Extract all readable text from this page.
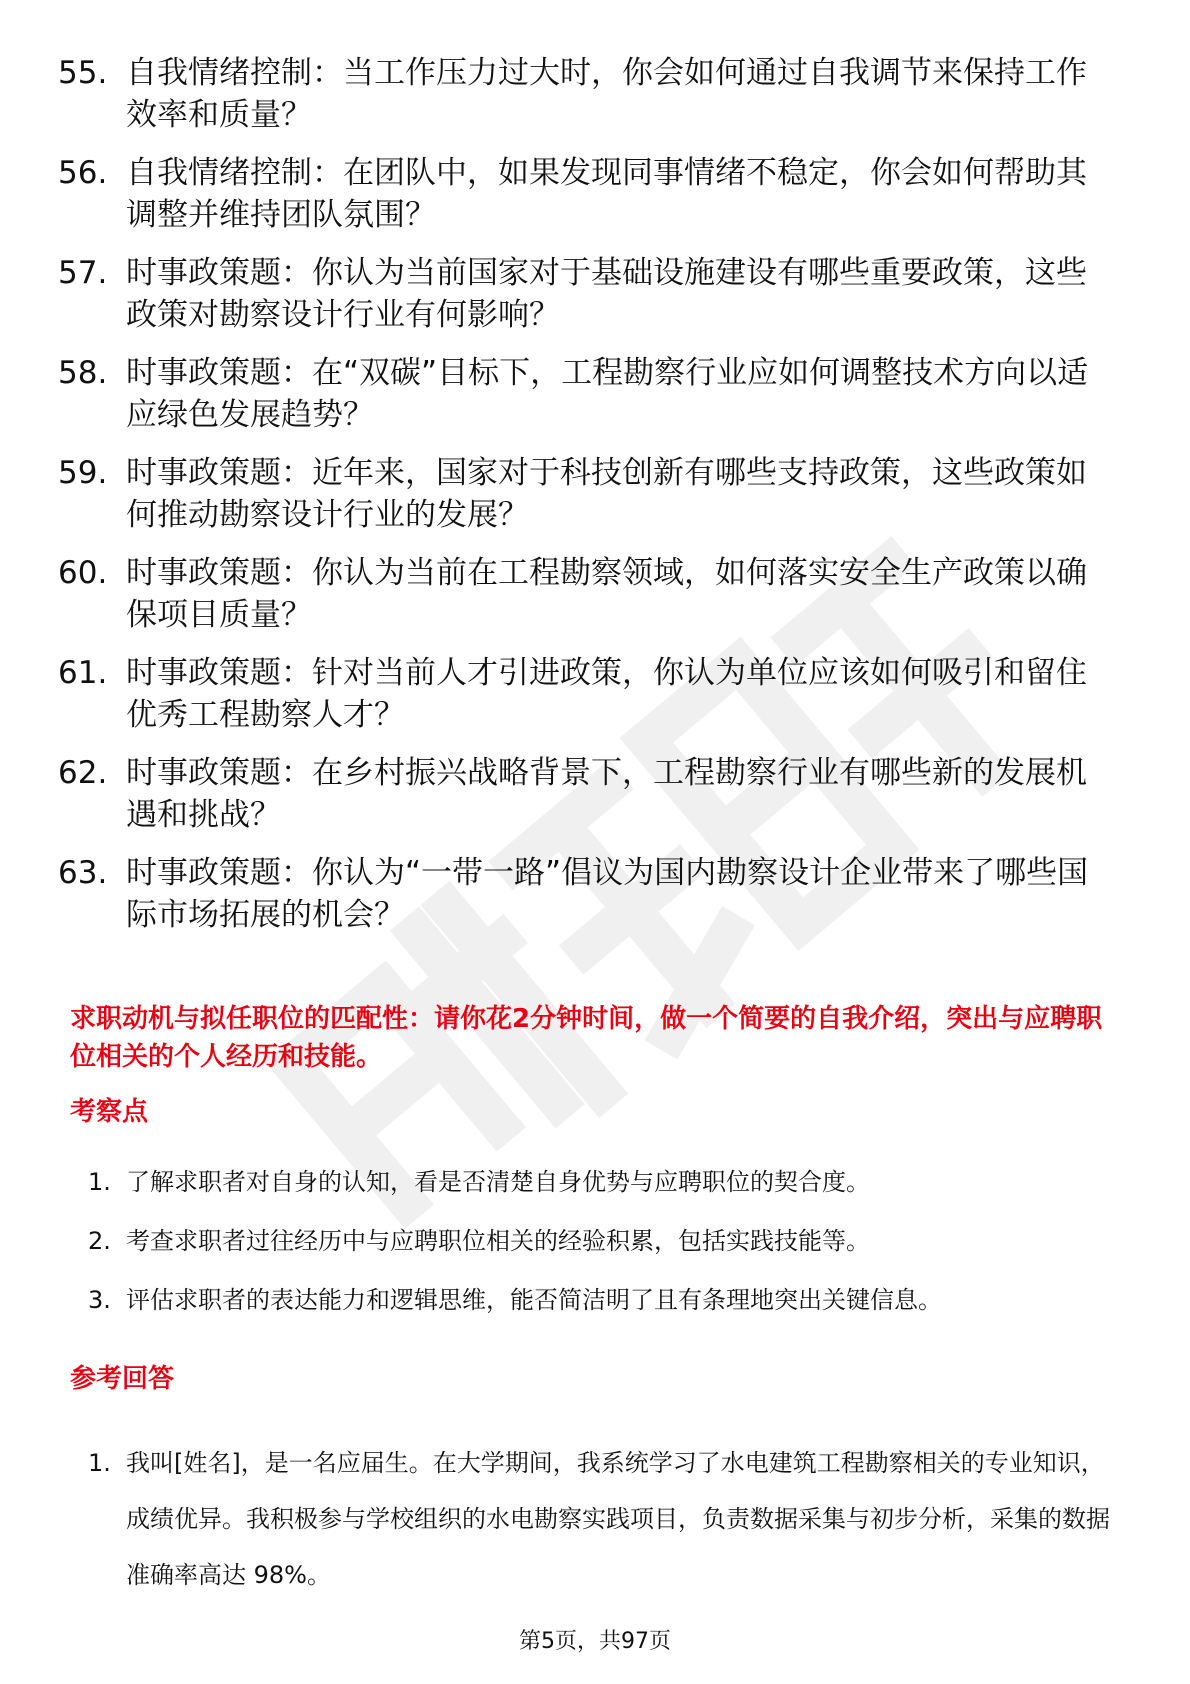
55. 自我情绪控制：当工作压力过大时，你会如何通过自我调节来保持工作效率和质量？
56. 自我情绪控制：在团队中，如果发现同事情绪不稳定，你会如何帮助其调整并维持团队氛围？
57. 时事政策题：你认为当前国家对于基础设施建设有哪些重要政策，这些政策对勘察设计行业有何影响？
58. 时事政策题：在“双碳”目标下，工程勘察行业应如何调整技术方向以适应绿色发展趋势？
59. 时事政策题：近年来，国家对于科技创新有哪些支持政策，这些政策如何推动勘察设计行业的发展？
60. 时事政策题：你认为当前在工程勘察领域，如何落实安全生产政策以确保项目质量？
61. 时事政策题：针对当前人才引进政策，你认为单位应该如何吸引和留住优秀工程勘察人才？
62. 时事政策题：在乡村振兴战略背景下，工程勘察行业有哪些新的发展机遇和挑战？
63. 时事政策题：你认为“一带一路”倡议为国内勘察设计企业带来了哪些国际市场拓展的机会？
求职动机与拟任职位的匹配性：请你花2分钟时间，做一个简要的自我介绍，突出与应聘职位相关的个人经历和技能。
考察点
1. 了解求职者对自身的认知，看是否清楚自身优势与应聘职位的契合度。
2. 考查求职者过往经历中与应聘职位相关的经验积累，包括实践技能等。
3. 评估求职者的表达能力和逻辑思维，能否简洁明了且有条理地突出关键信息。
参考回答
1. 我叫[姓名]，是一名应届生。在大学期间，我系统学习了水电建筑工程勘察相关的专业知识，成绩优异。我积极参与学校组织的水电勘察实践项目，负责数据采集与初步分析，采集的数据准确率高达 98%。
第5页，共97页
